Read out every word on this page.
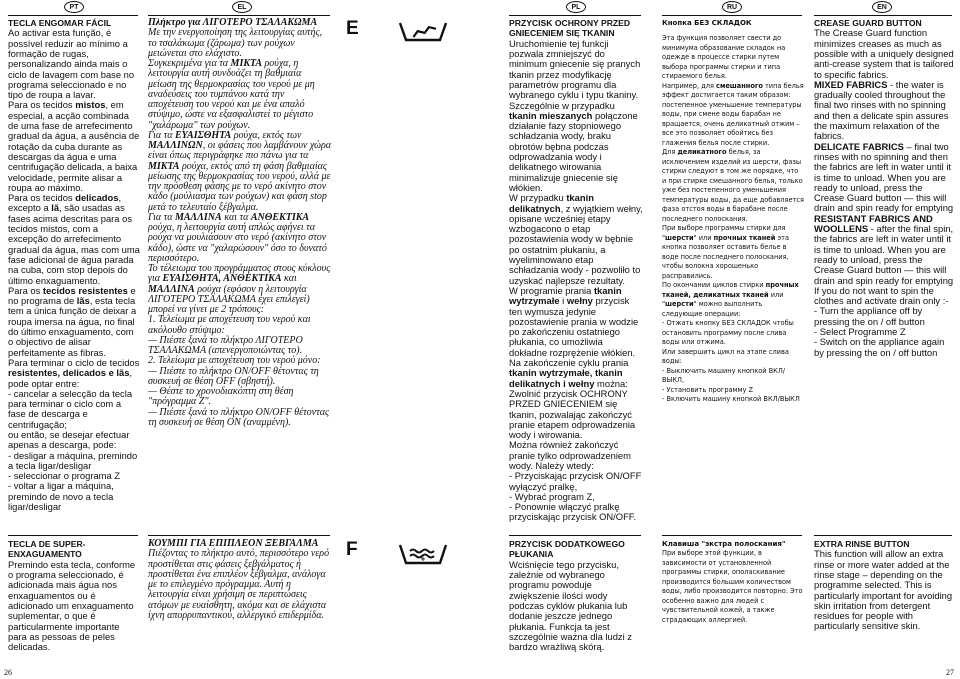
PT	EL	PL	RU	EN
TECLA ENGOMAR FÁCIL

Ao activar esta função, é possível reduzir ao mínimo a formação de rugas, personalizando ainda mais o ciclo de lavagem com base no programa seleccionado e no tipo de roupa a lavar.

Para os tecidos mistos, em especial, a acção combinada de uma fase de arrefecimento gradual da água, a ausência de rotação da cuba durante as descargas da água e uma centrifugação delicada, a baixa velocidade, permite alisar a roupa ao máximo.

Para os tecidos delicados, excepto a lã, são usadas as fases acima descritas para os tecidos mistos, com a excepção do arrefecimento gradual da água, mas com uma fase adicional de água parada na cuba, com stop depois do último enxaguamento.

Para os tecidos resistentes e no programa de lãs, esta tecla tem a única função de deixar a roupa imersa na água, no final do último enxaguamento, com o objectivo de alisar perfeitamente as fibras.

Para terminar o ciclo de tecidos resistentes, delicados e lãs, pode optar entre:

- cancelar a selecção da tecla para terminar o ciclo com a fase de descarga e centrifugação;

ou então, se desejar efectuar apenas a descarga, pode:

- desligar a máquina, premindo a tecla ligar/desligar

- seleccionar o programa Z

- voltar a ligar a máquina, premindo de novo a tecla ligar/desligar

TECLA DE SUPER-ENXAGUAMENTO
Premindo esta tecla, conforme o programa seleccionado, é adicionada mais água nos enxaguamentos ou é adicionado um enxaguamento suplementar, o que é particularmente importante para as pessoas de peles delicadas.
Πλήκτρο για ΛΙΓΟΤΕΡΟ ΤΣΑΛΑΚΩΜΑ

Με την ενεργοποίηση της λειτουργίας αυτής, το τσαλάκωμα (ζάρωμα) των ρούχων μειώνεται στο ελάχιστο.

Συγκεκριμένα για τα ΜΙΚΤΑ ρούχα, η λειτουργία αυτή συνδυάζει τη βαθμιαία μείωση της θερμοκρασίας του νερού με μη αναδεύσεις του τυμπάνου κατά την αποχέτευση του νερού και με ένα απαλό στύψιμο, ώστε να εξασφαλιστεί το μέγιστο "χαλάρωμα" των ρούχων.

Για τα ΕΥΑΙΣΘΗΤΑ ρούχα, εκτός των ΜΑΛΛΙΝΩΝ, οι φάσεις που λαμβάνουν χώρα είναι όπως περιγράφηκε πιο πάνω για τα ΜΙΚΤΑ ρούχα, εκτός από τη φάση βαθμιαίας μείωσης της θερμοκρασίας του νερού, αλλά με την πρόσθεση φάσης με το νερό ακίνητο στον κάδο (μούλιασμα των ρούχων) και φάση stop μετά το τελευταίο ξέβγαλμα.

Για τα ΜΑΛΛΙΝΑ και τα ΑΝΘΕΚΤΙΚΑ ρούχα, η λειτουργία αυτή απλώς αφήνει τα ρούχα να μουλιάσουν στο νερό (ακίνητο στον κάδο), ώστε να "χαλαρώσουν" όσο το δυνατό περισσότερο.

Το τέλειωμα του προγράμματος στους κύκλους για ΕΥΑΙΣΘΗΤΑ, ΑΝΘΕΚΤΙΚΑ και ΜΑΛΛΙΝΑ ρούχα (εφόσον η λειτουργία ΛΙΓΟΤΕΡΟ ΤΣΑΛΑΚΩΜΑ έχει επιλεγεί) μπορεί να γίνει με 2 τρόπους:

1. Τελείωμα με αποχέτευση του νερού και ακόλουθο στύψιμο:

— Πιέστε ξανά το πλήκτρο ΛΙΓΟΤΕΡΟ ΤΣΑΛΑΚΩΜΑ (απενεργοποιώντας το).

2. Τελείωμα με αποχέτευση του νερού μόνο:

— Πιέστε το πλήκτρο ON/OFF θέτοντας τη συσκευή σε θέση OFF (σβηστή).

— Θέστε το χρονοδιακόπτη στη θέση "πρόγραμμα Z".

— Πιέστε ξανά το πλήκτρο ON/OFF θέτοντας τη συσκευή σε θέση ON (αναμμένη).

ΚΟΥΜΠΙ ΓΙΑ ΕΠΙΠΛΕΟΝ ΞΕΒΓΑΛΜΑ
Πιέζοντας το πλήκτρο αυτό, περισσότερο νερό προστίθεται στις φάσεις ξεβγάλματος ή προστίθεται ένα επιπλέον ξέβγαλμα, ανάλογα με το επιλεγμένο πρόγραμμα. Αυτή η λειτουργία είναι χρήσιμη σε περιπτώσεις ατόμων με ευαίσθητη, ακόμα και σε ελάχιστα ίχνη απορρυπαντικού, αλλεργικό επιδερμίδα.
E
F	+
PRZYCISK OCHRONY PRZED GNIECENIEM SIĘ TKANIN

Uruchomienie tej funkcji pozwala zmniejszyć do minimum gniecenie się pranych tkanin przez modyfikację parametrów programu dla wybranego cyklu i typu tkaniny.

Szczególnie w przypadku tkanin mieszanych połączone działanie fazy stopniowego schładzania wody, braku obrotów bębna podczas odprowadzania wody i delikatnego wirowania minimalizuje gniecenie się włókien.

W przypadku tkanin delikatnych, z wyjątkiem wełny, opisane wcześniej etapy wzbogacono o etap pozostawienia wody w bębnie po ostatnim płukaniu, a wyeliminowano etap schładzania wody - pozwoliło to uzyskać najlepsze rezultaty.

W programie prania tkanin wytrzymałe i wełny przycisk ten wymusza jedynie pozostawienie prania w wodzie po zakończeniu ostatniego płukania, co umożliwia dokładne rozprężenie włókien.

Na zakończenie cyklu prania tkanin wytrzymałe, tkanin delikatnych i wełny można: Zwolnić przycisk OCHRONY PRZED GNIECENIEM się tkanin, pozwalając zakończyć pranie etapem odprowadzenia wody i wirowania.

Można również zakończyć pranie tylko odprowadzeniem wody. Należy wtedy:

- Przyciskając przycisk ON/OFF wyłączyć pralkę,

- Wybrać program Z,

- Ponownie włączyć pralkę przyciskając przycisk ON/OFF.

PRZYCISK DODATKOWEGO PŁUKANIA
Wciśnięcie tego przycisku, zależnie od wybranego programu powoduje zwiększenie ilości wody podczas cyklów płukania lub dodanie jeszcze jednego płukania. Funkcja ta jest szczególnie ważna dla ludzi z bardzo wrażliwą skórą.
Кнопка БЕЗ СКЛАДОК

Эта функция позволяет свести до минимума образование складок на одежде в процессе стирки путем выбора программы стирки и типа стираемого белья.

Например, для смешанного типа белья эффект достигается таким образом: постепенное уменьшение температуры воды, при смене воды барабан не вращается, очень деликатный отжим – все это позволяет обойтись без глажения белья после стирки.

Для деликатного белья, за исключением изделий из шерсти, фазы стирки следуют в том же порядке, что и при стирке смешанного белья, только уже без постепенного уменьшения температуры воды, да еще добавляется фаза отстоя воды в барабане после последнего полоскания.

При выборе программы стирки для "шерсти" или прочных тканей эта кнопка позволяет оставить белье в воде после последнего полоскания, чтобы волокна хорошенько расправились.

По окончании циклов стирки прочных тканей, деликатных тканей или "шерсти" можно выполнить следующие операции:

- Отжать кнопку БЕЗ СКЛАДОК чтобы остановить программу после слива воды или отжима.

Или завершить цикл на этапе слива воды:

- Выключить машину кнопкой ВКЛ/ВЫКЛ,

- Установить программу Z

- Включить машину кнопкой ВКЛ/ВЫКЛ

Клавиша "экстра полоскания"
При выборе этой функции, в зависимости от установленной программы стирки, ополаскивание производится большим количеством воды, либо производится повторно. Это особенно важно для людей с чувствительной кожей, а также страдающих аллергией.
CREASE GUARD BUTTON

The Crease Guard function minimizes creases as much as possible with a uniquely designed anti-crease system that is tailored to specific fabrics.

MIXED FABRICS - the water is gradually cooled throughout the final two rinses with no spinning and then a delicate spin assures the maximum relaxation of the fabrics.

DELICATE FABRICS – final two rinses with no spinning and then the fabrics are left in water until it is time to unload. When you are ready to unload, press the Crease Guard button — this will drain and spin ready for emptying

RESISTANT FABRICS AND WOOLLENS - after the final spin, the fabrics are left in water until it is time to unload. When you are ready to unload, press the Crease Guard button — this will drain and spin ready for emptying

If you do not want to spin the clothes and activate drain only :-

- Turn the appliance off by pressing the on / off button

- Select Programme Z

- Switch on the appliance again by pressing the on / off button

EXTRA RINSE BUTTON
This function will allow an extra rinse or more water added at the rinse stage – depending on the programme selected. This is particularly important for avoiding skin irritation from detergent residues for people with particularly sensitive skin.
26	27
